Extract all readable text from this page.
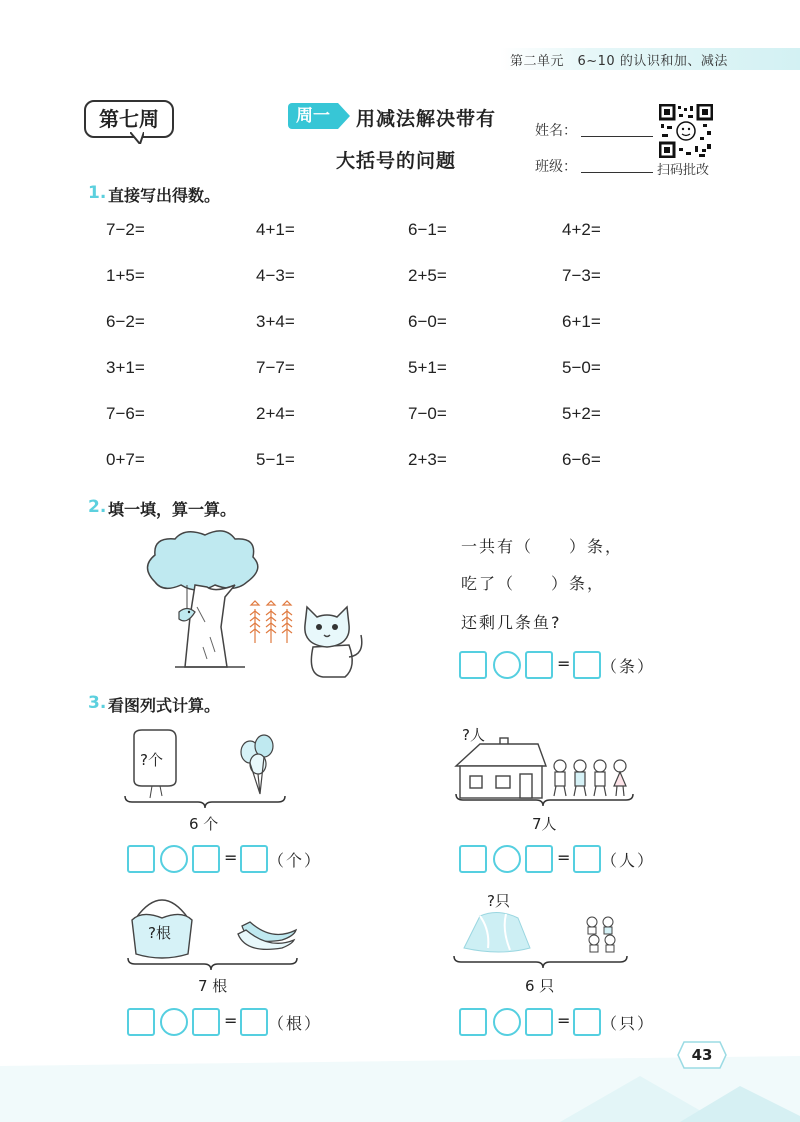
第二单元　6~10 的认识和加、减法
第七周	周一	用减法解决带有
大括号的问题
姓名：
班级：	扫码批改
1. 直接写出得数。
7−2=	4+1=	6−1=	4+2=
1+5=	4−3=	2+5=	7−3=
6−2=	3+4=	6−0=	6+1=
3+1=	7−7=	5+1=	5−0=
7−6=	2+4=	7−0=	5+2=
0+7=	5−1=	2+3=	6−6=
2. 填一填，算一算。
一共有（　　）条，
吃了（　　）条，
还剩几条鱼?
= （条）
3. 看图列式计算。
?个
6 个
= （个）
?人
7人
= （人）
?根
7 根
= （根）
?只
6 只
= （只）
43
